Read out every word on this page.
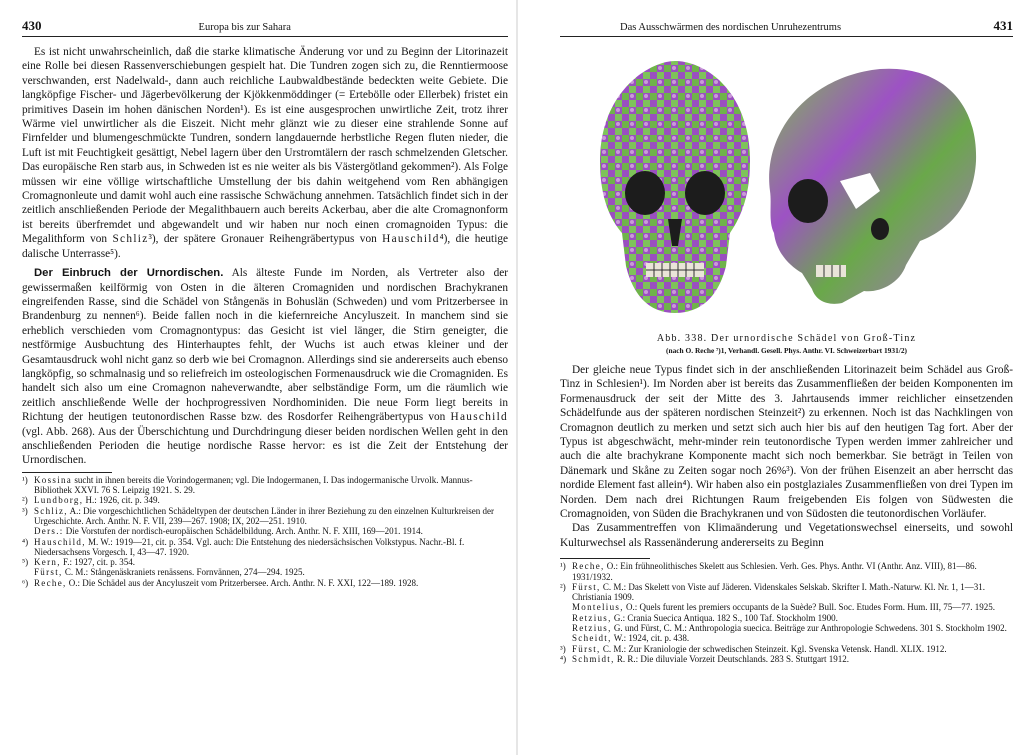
430	Europa bis zur Sahara

Es ist nicht unwahrscheinlich, daß die starke klimatische Änderung vor und zu Beginn der Litorinazeit eine Rolle bei diesen Rassenverschiebungen gespielt hat. Die Tundren zogen sich zu, die Renntiermoose verschwanden, erst Nadelwald-, dann auch reichliche Laubwaldbestände bedeckten weite Gebiete. Die langköpfige Fischer- und Jägerbevölkerung der Kjökkenmöddinger (= Ertebölle oder Ellerbek) fristet ein primitives Dasein im hohen dänischen Norden¹). Es ist eine ausgesprochen unwirtliche Zeit, trotz ihrer Wärme viel unwirtlicher als die Eiszeit. Nicht mehr glänzt wie zu dieser eine strahlende Sonne auf Firnfelder und blumengeschmückte Tundren, sondern langdauernde herbstliche Regen fluten nieder, die Luft ist mit Feuchtigkeit gesättigt, Nebel lagern über den Urstromtälern der rasch schmelzenden Gletscher. Das europäische Ren starb aus, in Schweden ist es nie weiter als bis Västergötland gekommen²). Als Folge müssen wir eine völlige wirtschaftliche Umstellung der bis dahin weitgehend vom Ren abhängigen Cromagnonleute und damit wohl auch eine rassische Schwächung annehmen. Tatsächlich findet sich in der zeitlich anschließenden Periode der Megalithbauern auch bereits Ackerbau, aber die alte Cromagnonform ist bereits überfremdet und abgewandelt und wir haben nur noch einen cromagnoiden Typus: die Megalithform von Schliz³), der spätere Gronauer Reihengräbertypus von Hauschild⁴), die heutige dalische Unterrasse⁵).

Der Einbruch der Urnordischen. Als älteste Funde im Norden, als Vertreter also der gewissermaßen keilförmig von Osten in die älteren Cromagniden und nordischen Brachykranen eingreifenden Rasse, sind die Schädel von Stångenäs in Bohuslän (Schweden) und vom Pritzerbersee in Brandenburg zu nennen⁶). Beide fallen noch in die kiefernreiche Ancyluszeit. In manchem sind sie erheblich verschieden vom Cromagnontypus: das Gesicht ist viel länger, die Stirn geneigter, die nestförmige Ausbuchtung des Hinterhauptes fehlt, der Wuchs ist auch etwas kleiner und der Gesamtausdruck wohl nicht ganz so derb wie bei Cromagnon. Allerdings sind sie andererseits auch ebenso langköpfig, so schmalnasig und so reliefreich im osteologischen Formenausdruck wie die Cromagniden. Es handelt sich also um eine Cromagnon naheverwandte, aber selbständige Form, um die räumlich wie zeitlich anschließende Welle der hochprogressiven Nordhominiden. Die neue Form liegt bereits in Richtung der heutigen teutonordischen Rasse bzw. des Rosdorfer Reihengräbertypus von Hauschild (vgl. Abb. 268). Aus der Überschichtung und Durchdringung dieser beiden nordischen Wellen geht in den anschließenden Perioden die heutige nordische Rasse hervor: es ist die Zeit der Entstehung der Urnordischen.

¹) Kossina sucht in ihnen bereits die Vorindogermanen; vgl. Die Indogermanen, I. Das indogermanische Urvolk. Mannus-Bibliothek XXVI. 76 S. Leipzig 1921. S. 29.

²) Lundborg, H.: 1926, cit. p. 349.

³) Schliz, A.: Die vorgeschichtlichen Schädeltypen der deutschen Länder in ihrer Beziehung zu den einzelnen Kulturkreisen der Urgeschichte. Arch. Anthr. N. F. VII, 239—267. 1908; IX, 202—251. 1910.

Ders.: Die Vorstufen der nordisch-europäischen Schädelbildung. Arch. Anthr. N. F. XIII, 169—201. 1914.

⁴) Hauschild, M. W.: 1919—21, cit. p. 354. Vgl. auch: Die Entstehung des niedersächsischen Volkstypus. Nachr.-Bl. f. Niedersachsens Vorgesch. I, 43—47. 1920.

⁵) Kern, F.: 1927, cit. p. 354.

Fürst, C. M.: Stångenäskraniets renässens. Fornvännen, 274—294. 1925.

⁶) Reche, O.: Die Schädel aus der Ancyluszeit vom Pritzerbersee. Arch. Anthr. N. F. XXI, 122—189. 1928.

Das Ausschwärmen des nordischen Unruhezentrums	431
Abb. 338. Der urnordische Schädel von Groß-Tinz
(nach O. Reche ⁷)1, Verhandl. Gesell. Phys. Anthr. VI. Schweizerbart 1931/2)

Der gleiche neue Typus findet sich in der anschließenden Litorinazeit beim Schädel aus Groß-Tinz in Schlesien¹). Im Norden aber ist bereits das Zusammenfließen der beiden Komponenten im Formenausdruck der seit der Mitte des 3. Jahrtausends immer reichlicher einsetzenden Schädelfunde aus der späteren nordischen Steinzeit²) zu erkennen. Noch ist das Nachklingen von Cromagnon deutlich zu merken und setzt sich auch hier bis auf den heutigen Tag fort. Aber der Typus ist abgeschwächt, mehr-minder rein teutonordische Typen werden immer zahlreicher und auch die alte brachykrane Komponente macht sich noch bemerkbar. Sie beträgt in Teilen von Dänemark und Skåne zu Zeiten sogar noch 26%³). Von der frühen Eisenzeit an aber herrscht das nordide Element fast allein⁴). Wir haben also ein postglaziales Zusammenfließen von drei Typen im Norden. Dem nach drei Richtungen Raum freigebenden Eis folgen von Südwesten die Cromagnoiden, von Süden die Brachykranen und von Südosten die teutonordischen Vorläufer.

Das Zusammentreffen von Klimaänderung und Vegetationswechsel einerseits, und sowohl Kulturwechsel als Rassenänderung andererseits zu Beginn

¹) Reche, O.: Ein frühneolithisches Skelett aus Schlesien. Verh. Ges. Phys. Anthr. VI (Anthr. Anz. VIII), 81—86. 1931/1932.

²) Fürst, C. M.: Das Skelett von Viste auf Jäderen. Videnskales Selskab. Skrifter I. Math.-Naturw. Kl. Nr. 1, 1—31. Christiania 1909.

Montelius, O.: Quels furent les premiers occupants de la Suède? Bull. Soc. Etudes Form. Hum. III, 75—77. 1925.

Retzius, G.: Crania Suecica Antiqua. 182 S., 100 Taf. Stockholm 1900.

Retzius, G. und Fürst, C. M.: Anthropologia suecica. Beiträge zur Anthropologie Schwedens. 301 S. Stockholm 1902.

Scheidt, W.: 1924, cit. p. 438.

³) Fürst, C. M.: Zur Kraniologie der schwedischen Steinzeit. Kgl. Svenska Vetensk. Handl. XLIX. 1912.

⁴) Schmidt, R. R.: Die diluviale Vorzeit Deutschlands. 283 S. Stuttgart 1912.
